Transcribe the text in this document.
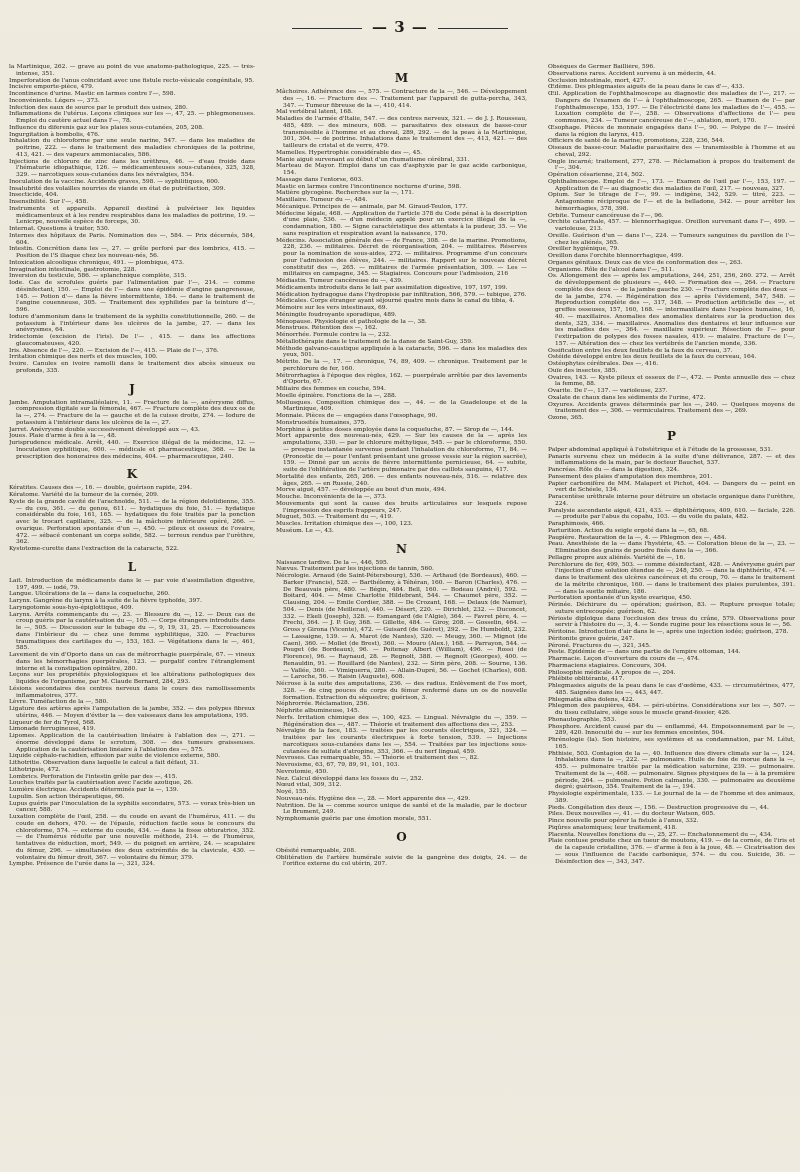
— 3 —

la Martinique, 262. — grave au point de vue anatomo-pathologique, 225. — très-intense, 351.

Imperforation de l'anus coïncidant avec une fistule recto-vésicale congénitale, 95.

Incisive emporte-pièce, 479.

Incontinence d'urine. Mastic en larmes contre l'—, 598.

Inconvénients. Légers —, 373.

Infection des eaux de source par le produit des usines, 280.

Inflammations de l'utérus. Leçons cliniques sur les —, 47, 25. — phlegmoneuses. Emploi du cautère actuel dans l'—, 78.

Influence du diferenis gaz sur les plaies sous-cutanées, 205, 208.

Ingurgitation à bombolis, 476.

Inhalation du chloroforme par une seule narine, 547. — dans les maladies de poitrine, 222. — dans le traitement des maladies chroniques de la poitrine, 413, 421. — des vapeurs ammoniacales, 586.

Injections de chlorure de zinc dans les urèthres, 46. — d'eau froide dans l'hématurie idiopathique, 126. — médicamenteuses sous-cutanées, 325, 328, 329. — narcotiques sous-cutanées dans les névralgies, 554.

Inoculation de la vaccine. Accidents graves, 598. — syphilitiques, 600.

Insalubrité des volailles nourries de viande en état de putréfaction, 309.

Insecticide, 404.

Insensibilité. Sur l'—, 458.

Instruments et appareils. Appareil destiné à pulvériser les liquides médicamenteux et à les rendre respirables dans les maladies de poitrine, 19. — Lenicrpe, nouvelle espèce de forceps, 30.

Internat. Questions à traiter, 530.

Internes des hôpitaux de Paris. Nomination des —, 584. — Prix décernés, 584, 604.

Intestin. Concrétion dans les —, 27. — grêle perforé par des lombrics, 415. — Position de l'S iliaque chez les nouveau-nés, 56.

Intoxication alcoolique chronique, 491. — plombique, 473.

Invagination intestinale, gastrotomie, 228.

Inversion du testicule, 586. — splanchnique complète, 315.

Iode. Cas de scrofules guéris par l'alimentation par l'—, 214. — comme désinfectant, 150. — Emploi de l'— dans une épidémie d'angine gangreneuse, 145. — Potion d'— dans la fièvre intermittente, 184. — dans le traitement de l'angine couenneuse, 305. — Traitement des syphilides par la teinture d'—, 596.

Iodure d'ammonium dans le traitement de la syphilis constitutionnelle, 260. — de potassium à l'intérieur dans les ulcères de la jambe, 27. — dans les anévrysmes, 64.

Iridectomie (excision de l'iris). De l'— , 415. — dans les affections glaucomateuses, 420.

Iris. Absence de l'—, 220. — Excision de l'—, 415. — Plaie de l'—, 376.

Irritation chimique des nerfs et des muscles, 100.

Ivoire. Canules en ivoire ramolli dans le traitement des abcès sinueux ou profonds, 335.

J

Jambe. Amputation intramalléolaire, 11. — Fracture de la —, anévrysme diffus, compression digitale sur la fémorale, 467. — Fracture complète des deux os de la —, 274. — Fracture de la — gauche et de la cuisse droite, 274. — Iodure de potassium à l'intérieur dans les ulcères de la —, 27.

Jarret. Anévrysme double successivement développé aux —, 43.

Joues. Plaie d'arme à feu à la —, 48.

Jurisprudence médicale. Arrêt, 440. — Exercice illégal de la médecine, 12. — Inoculation syphilitique, 600. — médicale et pharmaceutique, 368. — De la prescription des honoraires des médecins, 404. — pharmaceutique, 240.

K

Kératites. Causes des —, 16. — double, guérison rapide, 294.

Kératome. Variété de la tumeur de la cornée, 209.

Kyste de la grande cavité de l'arachnoïde, 511. — de la région delotidienne, 355. — du cou, 361. — du genou, 611. — hydatiques du foie, 51. — hydatique considérable du foie, 161, 165. — hydatiques du foie traités par la ponction avec le trocart capillaire, 325. — de la mâchoire inférieure opéré, 266. — ovarique. Perforation spontanée d'un —, 450. — pileux et osseux de l'ovaire, 472. — sébacé contenant un corps solide, 582. — terreux rendus par l'urèthre, 362.

Kystotome-curette dans l'extraction de la cataracte, 522.

L

Lait. Introduction de médicaments dans le — par voie d'assimilation digestive, 197, 499. — iodé, 79.

Langue. Ulcérations de la — dans la coqueluche, 260.

Larynx. Gangrène du larynx à la suite de la fièvre typhoïde, 397.

Laryngotomie sous-hyo-épiglottique, 409.

Larynx. Arrêts commençants du —, 23. — Blessure du —, 12. — Deux cas de croup guéris par la cautérisation du —, 105. — Corps étrangers introduits dans le —, 505. — Discussion sur le tubage du —, 9, 19, 31, 25. — Excroissances dans l'intérieur du — chez une femme syphilitique, 320. — Fractures traumatiques des cartilages du —, 153, 163. — Végétations dans le —, 461, 585.

Lavement de vin d'Oporto dans un cas de métrorrhagie puerpérale, 67. — vineux dans les hémorrhagies puerpérales, 123. — purgatif contre l'étranglement interne et la constipation opiniâtre, 280.

Leçons sur les propriétés physiologiques et les altérations pathologiques des liquides de l'organisme, par M. Claude Bernard, 284, 293.

Lésions secondaires des centres nerveux dans le cours des ramollissements inflammatoires, 377.

Lèvre. Tuméfaction de la —, 580.

Ligature des artères après l'amputation de la jambe, 352. — des polypes fibreux utérins, 446. — Moyen d'éviter la — des vaisseaux dans les amputations, 195.

Liqueur de fer du Tyrol, 568.

Limonade ferrugineuse, 419.

Lipomes. Application de la cautérisation linéaire à l'ablation des —, 271. — énorme développé dans le scrotum, 308. — des tumeurs graisseuses. Application de la cautérisation linéaire à l'ablation des —, 575.

Liquide céphalo-rachidien, effusion par suite de violence externe, 580.

Lithotritie. Observation dans laquelle le calcul a fait défaut, 31.

Lithotripsie, 472.

Lombrics. Perforation de l'intestin grêle par des —, 415.

Louches traités par la cautérisation avec l'acide azotique, 26.

Lumière électrique. Accidents déterminés par la —, 139.

Lupulin. Son action thérapeutique, 66.

Lupus guéris par l'inoculation de la syphilis secondaire, 573. — vorax très-bien un cancer, 588.

Luxation complète de l'œil, 258. — du coude en avant de l'humérus, 411. — du coude en dehors, 470. — de l'épaule, réduction facile sous le concours du chloroforme, 574. — externe du coude, 434. — dans la fosse obturatrice, 352. — de l'humérus réduite par une nouvelle méthode, 214. — de l'humérus, tentatives de réduction, mort, 549. — du poignet en arrière, 24. — scapulaire du fémur, 296. — simultanées des deux extrémités de la clavicule, 430. — volontaire du fémur droit, 367. — volontaire du fémur, 379.

Lymphe. Présence de l'urée dans la —, 321, 324.

M

Mâchoires. Adhérence des —, 575. — Contracture de la —, 546. — Développement des —, 16. — Fracture des —. Traitement par l'appareil de gutta-percha, 343, 347. — Tumeur fibreuse de la —, 410, 414.

Mal vertébral latent, 168.

Maladies de l'armée d'Italie, 547. — des centres nerveux, 321. — de J. J. Rousseau, 485, 489. — des mineurs, 608. — parasitaires des oiseaux de basse-cour transmissible à l'homme et au cheval, 289, 292. — de la peau à la Martinique, 301, 304. — de poitrine. Inhalations dans le traitement des —, 413, 421. — des tailleurs de cristal et de verre, 479.

Mamelles. Hypertrophie considérable des —, 45.

Manie aiguë survenant au début d'un rhumatisme cérébral, 331.

Marteau de Mayor. Emploi dans un cas d'asphyxie par le gaz acide carbonique, 154.

Massage dans l'entorse, 603.

Mastic en larmes contre l'incontinence nocturne d'urine, 598.

Matière glycogène. Recherches sur la —, 171.

Maxillaire. Tumeur du —, 484.

Mécanique. Principes de — animale, par M. Giraud-Teulon, 177.

Médecine légale, 468. — Application de l'article 378 du Code pénal à la description d'une plaie, 536. — d'un médecin appelé pour un exercice illégal de la —, condamnation, 180. — Signe caractéristique des attentats à la pudeur, 35. — Vie sans respiration et respiration avant la naissance, 170.

Médecins. Association générale des — de France, 308. — de la marine. Promotions, 228, 236. — militaires. Décret de réorganisation, 204. — militaires. Réserves pour la nomination de sous-aides, 272. — militaires. Programme d'un concours pour l'admission des élèves, 244. — militaires. Rapport sur le nouveau décret constitutif des —, 265. — militaires de l'armée présentation, 309. — Les — militaires en campagne, 345. — Stagiaires. Concours pour l'admission, 216

Médiastin. Tumeur cancéreuse du —, 439.

Médicaments introduits dans le lait par assimilation digestive, 197, 197, 199.

Médication hydragogue dans l'hydropisie par infiltration, 566, 579. — tubique, 276.

Médicales. Corps étranger ayant séjourné quatre mois dans le canal du tibia, 4.

Mémoire sur les vers intestinaux, 69.

Méningite foudroyante sporadique, 489.

Ménopause. Physiologie et pathologie de la —, 38.

Menstrues. Rétention des —, 162.

Ménorrhée. Formule contre la —, 232.

Métallothérapie dans le traitement de la danse de Saint-Guy, 359.

Méthode galvano-caustique appliquée à la cataracte, 596. — dans les maladies des yeux, 501.

Métrite. De la —, 17. — chronique, 74, 89, 409. — chronique. Traitement par le perchlorure de fer, 160.

Métrorrhagies à l'époque des règles, 162. — puerpérale arrêtée par des lavements d'Oporto, 67.

Miliaire des femmes en couche, 594.

Moelle épinière. Fonctions de la —, 288.

Mollusques. Composition chimique des —, 44. — de la Guadeloupe et de la Martinique, 409.

Monnaie. Pièces de — engagées dans l'œsophage, 90.

Monstruosités humaines, 375.

Morphine à petites doses employée dans la coqueluche, 87. — Sirop de —, 144.

Mort apparente des nouveau-nés, 429. — Sur les causes de la — après les amputations, 330. — par le chlorure méthylique, 545. — par le chloroforme, 550. — presque instantanée survenue pendant l'inhalation du chloroforme, 71, 84. — (Pronostic de — pour l'enfant présentant une grosse vessie sur la région sacrée), 159. — Dinné par un accès de fièvre intermittente pernicieuse, 64. — subite, suite de l'oblitération de l'artère pulmonaire par des caillots sanguins, 417.

Mortalité des enfants, 265, 266. — des enfants nouveau-nés, 516. — relative des âges, 265. — en Russie, 240.

Morve aiguë, 457. — développée au bout d'un mois, 494.

Mouche. Inconvénients de la —, 373.

Mouvements qui sont la cause des bruits articulaires sur lesquels repose l'impression des esprits frappeurs, 247.

Muguet, 503. — Traitement du —, 419.

Muscles. Irritation chimique des —, 100, 123.

Muséum. Le —, 43.

N

Naissance tardive. De la —, 446, 595.

Nævus. Traitement par les injections de tannin, 560.

Nécrologie. Arnaud (de Saint-Pétersbourg), 536. — Arthaud (de Bordeaux), 460. — Barker (Francis), 528. — Barthélemy, à Téhéran, 160. — Baron (Charles), 476. — De Beauvais père, 480. — Bégin, 484. Bell, 160. — Bodeau (André), 592. — Boitard, 404. — Mme Charlotte Hildebrant, 544. — Chaumet père, 352. — Clausing, 204. — Emile Cordier, 388. — De Crozant, 168. — Delaux (de Namur), 504. — Denis (de Meilleras), 440. — Désert, 220. — Dirichlet, 232. — Duconcet, 332. — Ekeli (Joseph), 328. — Esmangard (de l'Algie), 364. — Favret père, 4. — Frechi, 364. — J. P. Guy, 368. — Gillette, 484. — Giroy, 208. — Gosselin, 464. — Gross y Girona (Vicente), 472. — Guisard (de Guéret), 292. — De Humboldt, 232. — Lassaigne, 139. — A. Marot (de Nantes), 320. — Meugy, 360. — Mignot (de Caen), 360. — Mollet (de Brest), 360. — Mouro (Alex.), 168. — Parrayon, 544. — Pouget (de Bordeaux), 96. — Poitenay Albert (William), 496. — Rossi (de Florence), 96. — Raynaud, 28. — Regnolt, 388. — Regnolt (Georges), 400. — Renauldin, 91. — Rouillard (de Nantes), 232. — Sirin père, 208. — Sourne, 136. — Vallée, 360. — Vimiquerra, 280. — Allain-Dupré, 56. — Gochet (Charles), 608. — Laroche, 56. — Raisin (Auguste), 608.

Nécrose à la suite des amputations, 236. — des radius. Enlèvement de l'os mort, 328. — de cinq pouces du corps du fémur renfermé dans un os de nouvelle formation. Extraction du séquestre; guérison, 3.

Néphrorrée. Réclamation, 256.

Néphrite albumineuse, 145.

Nerfs. Irritation chimique des —, 100, 423. — Lingual. Névralgie du —, 359. — Régénération des —, 487. — Théorie et traitement des affections des —, 253.

Névralgie de la face, 183. — traitées par les courants électriques, 321, 324. — traitées par les courants électriques à forte tension, 539. — Injections narcotiques sous-cutanées dans les —, 554. — Traitées par les injections sous-cutanées de sulfate d'atropine, 353, 366. — du nerf lingual, 459.

Nevroses. Cas remarquable, 55. — Théorie et traitement des —, 82.

Nevrosisme, 63, 67, 79, 89, 91, 101, 103.

Nevrotomie, 450.

Nez. Calcul développé dans les fosses du —, 252.

Nœud vital, 309, 312.

Noyé, 155.

Nouveau-nés. Hygiène des —, 28. — Mort apparente des —, 429.

Nutrition. De la — comme source unique de santé et de la maladie, par le docteur Le Brument, 249.

Nymphomanie guérie par une émotion morale, 551.

O

Obésité remarquable, 208.

Oblitération de l'artère humérale suivie de la gangrène des doigts, 24. — de l'orifice externe du col utérin, 207.

Obsèques de Germer Baillière, 596.

Observations rares. Accident survenu à un médecin, 44.

Occlusion intestinale, mort, 427.

Œdème. Des phlegmasies aiguës de la peau dans le cas d'—, 433.

Œil. Application de l'ophthalmoscope au diagnostic des maladies de l'—, 217. — Dangers de l'examen de l'— à l'ophthalmoscope, 265. — Examen de l'— par l'ophthalmoscope, 153, 197. — De l'électricité dans les maladies de l'—, 455. — Luxation complète de l'—, 258. — Observations d'affections de l'— peu communes, 234. — Tumeur cancéreuse de l'—, ablation, mort, 170.

Œsophage. Pièces de monnaie engagées dans l'—, 90. — Polype de l'— inséré dans la région du larynx, 415.

Officiers de santé de la marine; promotions, 228, 236, 544.

Oiseaux de basse-cour. Maladie parasitaire des — transmissible à l'homme et au cheval, 292.

Ongle incarné; traitement, 277, 278. — Réclamation à propos du traitement de l'—, 304.

Opération césarienne, 214, 502.

Ophthalmoscope. Emploi de l'—, 173. — Examen de l'œil par l'—, 153, 197. — Application de l'— au diagnostic des maladies de l'œil, 217. — nouveau, 327.

Opium. Sur le titrage de l'—, 99. — indigène, 342, 529. — titré, 223. — Antagonisme réciproque de l'— et de la belladone, 342. — pour arrêter les hémorrhagies, 378, 398.

Orbite. Tumeur cancéreuse de l'—, 96.

Orchite catarrhale, 457. — blennorrhagique. Oreillon survenant dans l'—, 499. — varioleuse, 213.

Oreille. Guérison d'un — dans l'—, 224. — Tumeurs sanguines du pavillon de l'— chez les aliénés, 365.

Oreiller hygiénique, 79.

Oreillon dans l'orchite blennorrhagique, 499.

Organes génitaux. Deux cas de vice de conformation des —, 263.

Organisme. Rôle de l'alcool dans l'—, 511.

Os. Allongement des — après les amputations, 244, 251, 256, 260. 272. — Arrêt de développement de plusieurs —, 440. — Formation des —, 264. — Fracture complète des deux — de la jambe gauche 230. — Fracture complète des deux — de la jambe, 274. — Régénération des — après l'évidement, 547, 548. — Reproduction complète des —, 317, 348. — Production artificielle des —, et greffes osseuses, 157, 160, 168. — intermaxillaire dans l'espèce humaine, 16, 40. — maxillaires. Anomalies des anomalies dentaires sur la production des dents, 325, 334. — maxillaires. Anomalies des dentaires et leur influence sur les maladies des —, 364. — maxillaire supérieur. Résection de l'— pour l'extirpation de polypes des fosses nasales, 419. — malaire. Fracture de l'—, 157. — Altération des — chez les vertébrés de l'ancien monde, 336.

Ossification entre les deux feuillets de la faux du cerveau, 37.

Ostéide développé entre les deux feuillets de la faux du cerveau, 164.

Ostéophytes cérébrales. Des —, 416.

Ouïe des insectes, 385.

Ovaires, 143. — Kyste pileux et osseux de l'—, 472. — Ponte annuelle des — chez la femme, 88.

Ovarite. De l'—, 137. — varioleuse, 237.

Oxalate de chaux dans les sédiments de l'urine, 472.

Oxyures. Accidents graves déterminés par les —, 240. — Quelques moyens de traitement des —, 306. — vermiculaires. Traitement des —, 269.

Ozone, 365.

P

Palper abdominal appliqué à l'obstétrique et à l'étude de la grossesse, 531.

Panaris survenu chez un médecin à la suite d'une délivrance, 287. — et des inflammations de la main, par le docteur Bauchet, 537.

Pancréas. Rôle du — dans la digestion, 324.

Pansement des plaies d'amputation des membres, 201.

Papier carbonifère de MM. Malapert et Pichot, 404. — Dangers du — peint en vert de Schéele, 134.

Paracentèse urèthrale interne pour détruire un obstacle organique dans l'urèthre, 224.

Paralysie ascendante aiguë, 421, 433. — diphthériques, 409, 610. — faciale, 226. — produite par l'abus du copahu, 103. — du voile du palais, 482.

Paraphimosis, 466.

Parturition. Action du seigle ergoté dans la —, 65, 68.

Paupière. Restauration de la —, 4. — Phlegmon des —, 484.

Peau. Anesthésie de la — dans l'hystérie, 45. — Coloration bleue de la —, 23. — Elimination des grains de poudre fixés dans la —, 366.

Pellagre propre aux aliénés. Variété de —, 16.

Perchlorure de fer, 499, 503. — comme désinfectant, 428. — Anévrysme guéri par l'injection d'une solution étendue de —, 248, 250. — dans la diphthérite, 474. — dans le traitement des ulcères cancéreux et du croup, 70. — dans le traitement de la métrite chronique, 160. — dans le traitement des plaies purulentes, 391. — dans la suette miliaire, 186.

Perforation spontanée d'un kyste ovarique, 450.

Périnée. Déchirure du — opération; guérison, 83. — Rupture presque totale; suture entrecoupée; guérison, 62.

Périoste diploïque dans l'occlusion des trous du crâne, 579. Observations pour servir à l'histoire du —, 3, 4. — Sonde rugine pour les résections sous le —, 56.

Péritoine. Introduction d'air dans le —, après une injection iodée; guérison, 278.

Péritonite grave guérie, 247.

Péroné. Fractures du —, 321, 345.

Peste. Epidémie de — dans une partie de l'empire ottoman, 144.

Pharmacie. Leçon d'ouverture du cours de —, 474.

Pharmaciens stagiaires. Concours, 304.

Philosophie médicale. A propos de —, 204.

Phlébite oblitérante, 417.

Phlegmasies aiguës de la peau dans le cas d'œdème, 433. — circumutérines, 477, 485. Saignées dans les —, 443, 447.

Phlegmatia alba dolens, 422.

Phlegmon des paupières, 484. — péri-utérins. Considérations sur les —, 507. — du tissu cellulaire, siège sous le muscle grand-fessier, 426.

Phonautographie, 553.

Phosphore. Accident causé par du — enflammé, 44. Empoisonnement par le —, 289, 420. Innocuité du — sur les femmes enceintes, 504.

Phrénologie (la). Son histoire, ses systèmes et sa condamnation, par M. Lélut, 165.

Phthisie, 503. Contagion de la —, 40. Influence des divers climats sur la —, 124. Inhalations dans la —, 222. — pulmonaire. Huile de foie de morue dans la —, 455. — pulmonaire traitée par la médication saturnine, 239. — pulmonaire. Traitement de la —, 468. — pulmonaire. Signes physiques de la — à la première période, 264. — pulmonaire. Potion calmante, 330. — pulmonaire au deuxième degré; guérison, 354. Traitement de la —, 194.

Physiologie expérimentale, 133. — Le journal de la — de l'homme et des animaux, 389.

Pieds. Congélation des deux —, 156. — Destruction progressive du —, 44.

Piles. Deux nouvelles —, 41. — du docteur Watson, 605.

Pince nouvelle pour opérer la fistule à l'anus, 332.

Piqûres anatomiques; leur traitement, 418.

Placenta. Nouvelles fonctions du —, 25, 27. — Enchatonnement du —, 434.

Plaie contuse produite chez un tueur de moutons, 419. — de la cornée, de l'iris et de la capsule cristalline, 376. — d'arme à feu à la joue, 48. — Cicatrisation des — sous l'influence de l'acide carbonique, 574. — du cou. Suicide, 36. — Désinfection des —, 343, 347.
